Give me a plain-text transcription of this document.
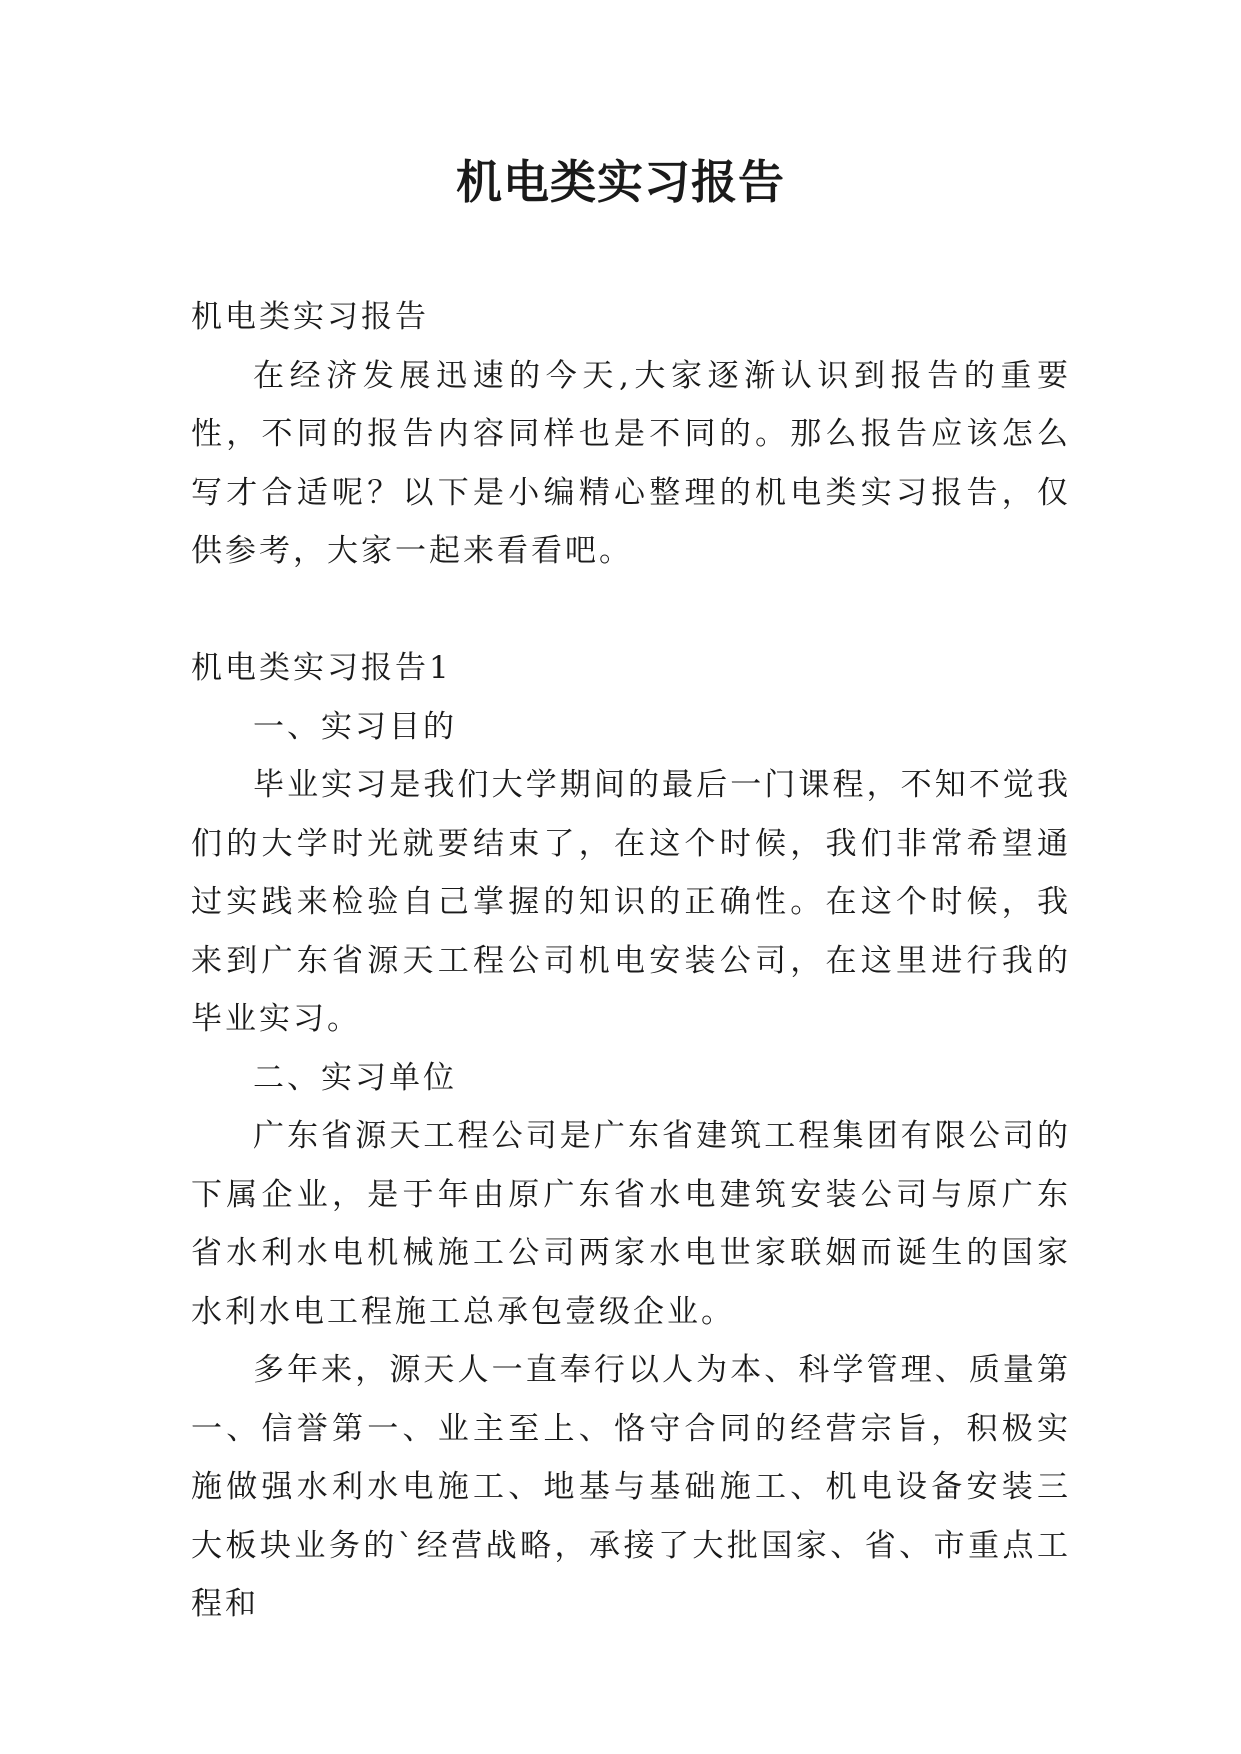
机电类实习报告

机电类实习报告

在经济发展迅速的今天,大家逐渐认识到报告的重要性，不同的报告内容同样也是不同的。那么报告应该怎么写才合适呢？以下是小编精心整理的机电类实习报告，仅供参考，大家一起来看看吧。

机电类实习报告1

一、实习目的

毕业实习是我们大学期间的最后一门课程，不知不觉我们的大学时光就要结束了，在这个时候，我们非常希望通过实践来检验自己掌握的知识的正确性。在这个时候，我来到广东省源天工程公司机电安装公司，在这里进行我的毕业实习。

二、实习单位

广东省源天工程公司是广东省建筑工程集团有限公司的下属企业，是于年由原广东省水电建筑安装公司与原广东省水利水电机械施工公司两家水电世家联姻而诞生的国家水利水电工程施工总承包壹级企业。

多年来，源天人一直奉行以人为本、科学管理、质量第一、信誉第一、业主至上、恪守合同的经营宗旨，积极实施做强水利水电施工、地基与基础施工、机电设备安装三大板块业务的`经营战略，承接了大批国家、省、市重点工程和
